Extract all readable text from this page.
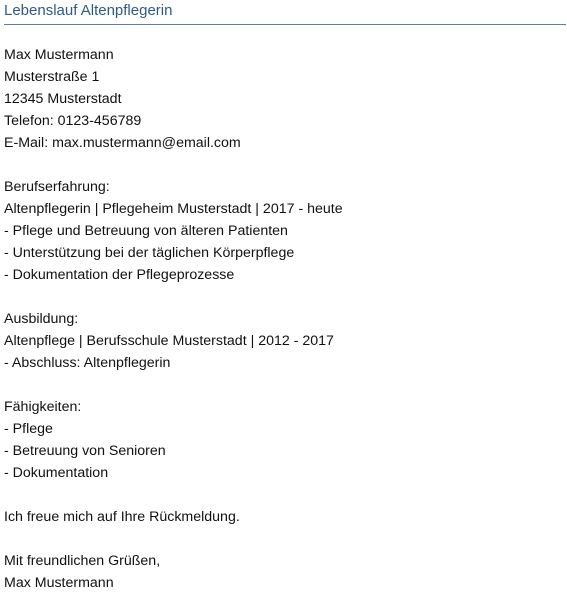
Lebenslauf Altenpflegerin
Max Mustermann
Musterstraße 1
12345 Musterstadt
Telefon: 0123-456789
E-Mail: max.mustermann@email.com
Berufserfahrung:
Altenpflegerin | Pflegeheim Musterstadt | 2017 - heute
- Pflege und Betreuung von älteren Patienten
- Unterstützung bei der täglichen Körperpflege
- Dokumentation der Pflegeprozesse
Ausbildung:
Altenpflege | Berufsschule Musterstadt | 2012 - 2017
- Abschluss: Altenpflegerin
Fähigkeiten:
- Pflege
- Betreuung von Senioren
- Dokumentation
Ich freue mich auf Ihre Rückmeldung.
Mit freundlichen Grüßen,
Max Mustermann
